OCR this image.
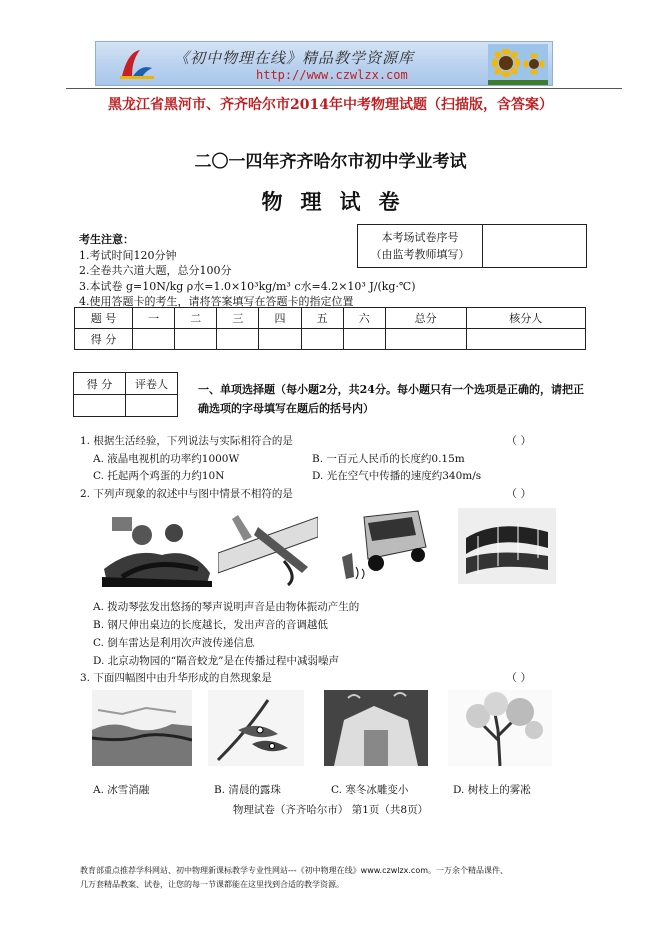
《初中物理在线》精品教学资源库
http://www.czwlzx.com
黑龙江省黑河市、齐齐哈尔市2014年中考物理试题（扫描版，含答案）
二〇一四年齐齐哈尔市初中学业考试
物理试卷
考生注意：
1.考试时间120分钟
2.全卷共六道大题，总分100分
3.本试卷 g=10N/kg ρ水=1.0×10³kg/m³ c水=4.2×10³ J/(kg·℃)
4.使用答题卡的考生，请将答案填写在答题卡的指定位置
本考场试卷序号
（由监考教师填写）
题 号	一	二	三	四	五	六	总分	核分人
得 分								
得 分	评卷人
		一、单项选择题（每小题2分，共24分。每小题只有一个选项是正确的，请把正确选项的字母填写在题后的括号内）
1. 根据生活经验，下列说法与实际相符合的是	（ ）
A. 液晶电视机的功率约1000W	B. 一百元人民币的长度约0.15m
C. 托起两个鸡蛋的力约10N	D. 光在空气中传播的速度约340m/s
2. 下列声现象的叙述中与图中情景不相符的是	（ ）
A. 拨动琴弦发出悠扬的琴声说明声音是由物体振动产生的
B. 钢尺伸出桌边的长度越长，发出声音的音调越低
C. 倒车雷达是利用次声波传递信息
D. 北京动物园的“隔音蛟龙”是在传播过程中减弱噪声
3. 下面四幅图中由升华形成的自然现象是	（ ）
A. 冰雪消融	B. 清晨的露珠	C. 寒冬冰雕变小	D. 树枝上的雾凇
物理试卷（齐齐哈尔市） 第1页（共8页）
教育部重点推荐学科网站、初中物理新课标教学专业性网站---《初中物理在线》www.czwlzx.com。一万余个精品课件、
几万套精品教案、试卷，让您的每一节课都能在这里找到合适的教学资源。
